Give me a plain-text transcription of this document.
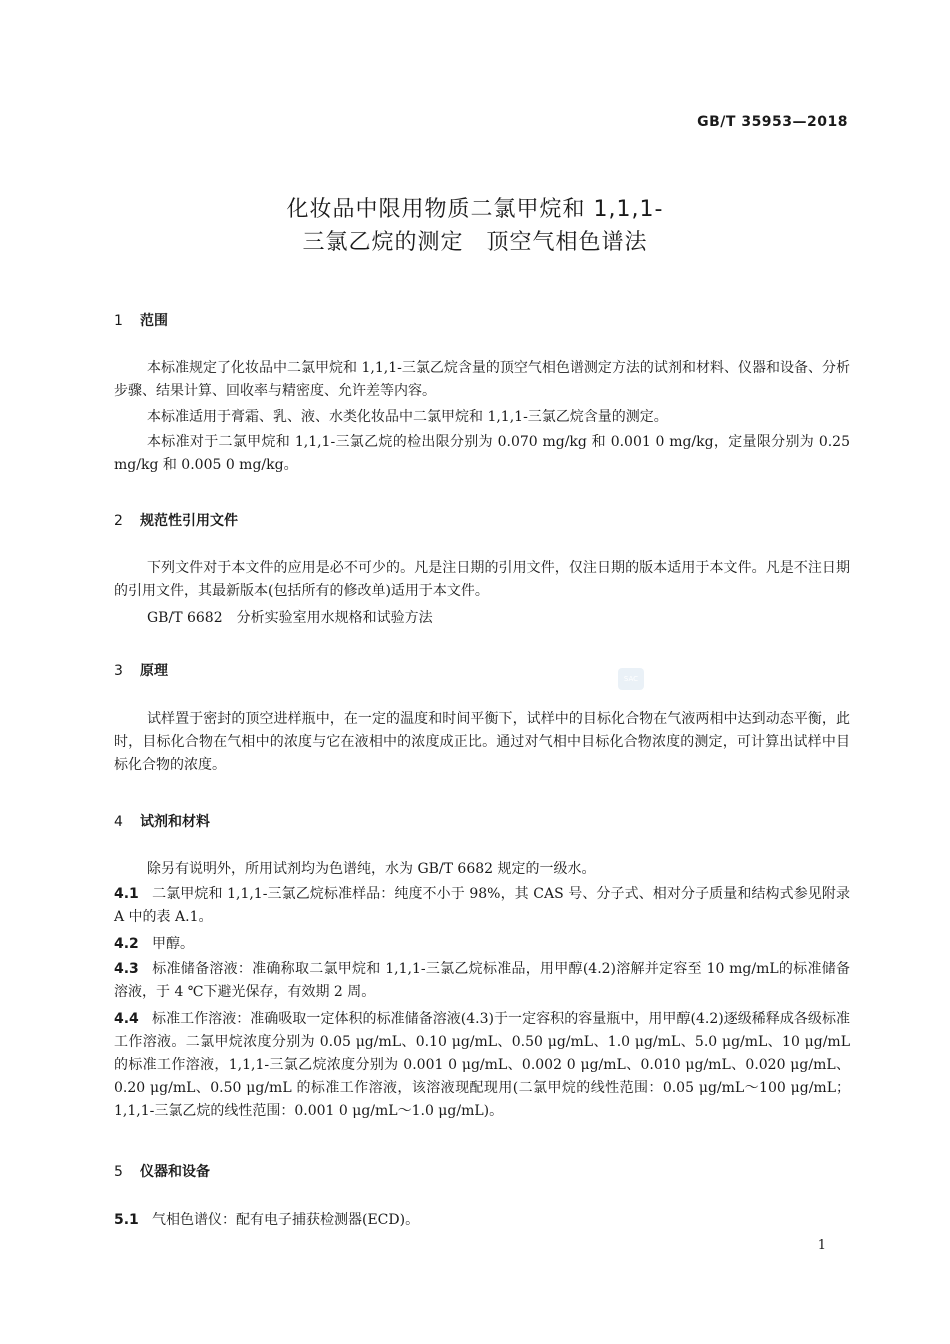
GB/T 35953—2018
化妆品中限用物质二氯甲烷和 1,1,1-
三氯乙烷的测定　顶空气相色谱法
SAC
1 范围
本标准规定了化妆品中二氯甲烷和 1,1,1-三氯乙烷含量的顶空气相色谱测定方法的试剂和材料、仪器和设备、分析步骤、结果计算、回收率与精密度、允许差等内容。
本标准适用于膏霜、乳、液、水类化妆品中二氯甲烷和 1,1,1-三氯乙烷含量的测定。
本标准对于二氯甲烷和 1,1,1-三氯乙烷的检出限分别为 0.070 mg/kg 和 0.001 0 mg/kg，定量限分别为 0.25 mg/kg 和 0.005 0 mg/kg。
2 规范性引用文件
下列文件对于本文件的应用是必不可少的。凡是注日期的引用文件，仅注日期的版本适用于本文件。凡是不注日期的引用文件，其最新版本(包括所有的修改单)适用于本文件。
GB/T 6682　分析实验室用水规格和试验方法
3 原理
试样置于密封的顶空进样瓶中，在一定的温度和时间平衡下，试样中的目标化合物在气液两相中达到动态平衡，此时，目标化合物在气相中的浓度与它在液相中的浓度成正比。通过对气相中目标化合物浓度的测定，可计算出试样中目标化合物的浓度。
4 试剂和材料
除另有说明外，所用试剂均为色谱纯，水为 GB/T 6682 规定的一级水。
4.1 二氯甲烷和 1,1,1-三氯乙烷标准样品：纯度不小于 98%，其 CAS 号、分子式、相对分子质量和结构式参见附录 A 中的表 A.1。
4.2 甲醇。
4.3 标准储备溶液：准确称取二氯甲烷和 1,1,1-三氯乙烷标准品，用甲醇(4.2)溶解并定容至 10 mg/mL的标准储备溶液，于 4 ℃下避光保存，有效期 2 周。
4.4 标准工作溶液：准确吸取一定体积的标准储备溶液(4.3)于一定容积的容量瓶中，用甲醇(4.2)逐级稀释成各级标准工作溶液。二氯甲烷浓度分别为 0.05 μg/mL、0.10 μg/mL、0.50 μg/mL、1.0 μg/mL、5.0 μg/mL、10 μg/mL 的标准工作溶液，1,1,1-三氯乙烷浓度分别为 0.001 0 μg/mL、0.002 0 μg/mL、0.010 μg/mL、0.020 μg/mL、0.20 μg/mL、0.50 μg/mL 的标准工作溶液，该溶液现配现用(二氯甲烷的线性范围：0.05 μg/mL～100 μg/mL；1,1,1-三氯乙烷的线性范围：0.001 0 μg/mL～1.0 μg/mL)。
5 仪器和设备
5.1 气相色谱仪：配有电子捕获检测器(ECD)。
1
